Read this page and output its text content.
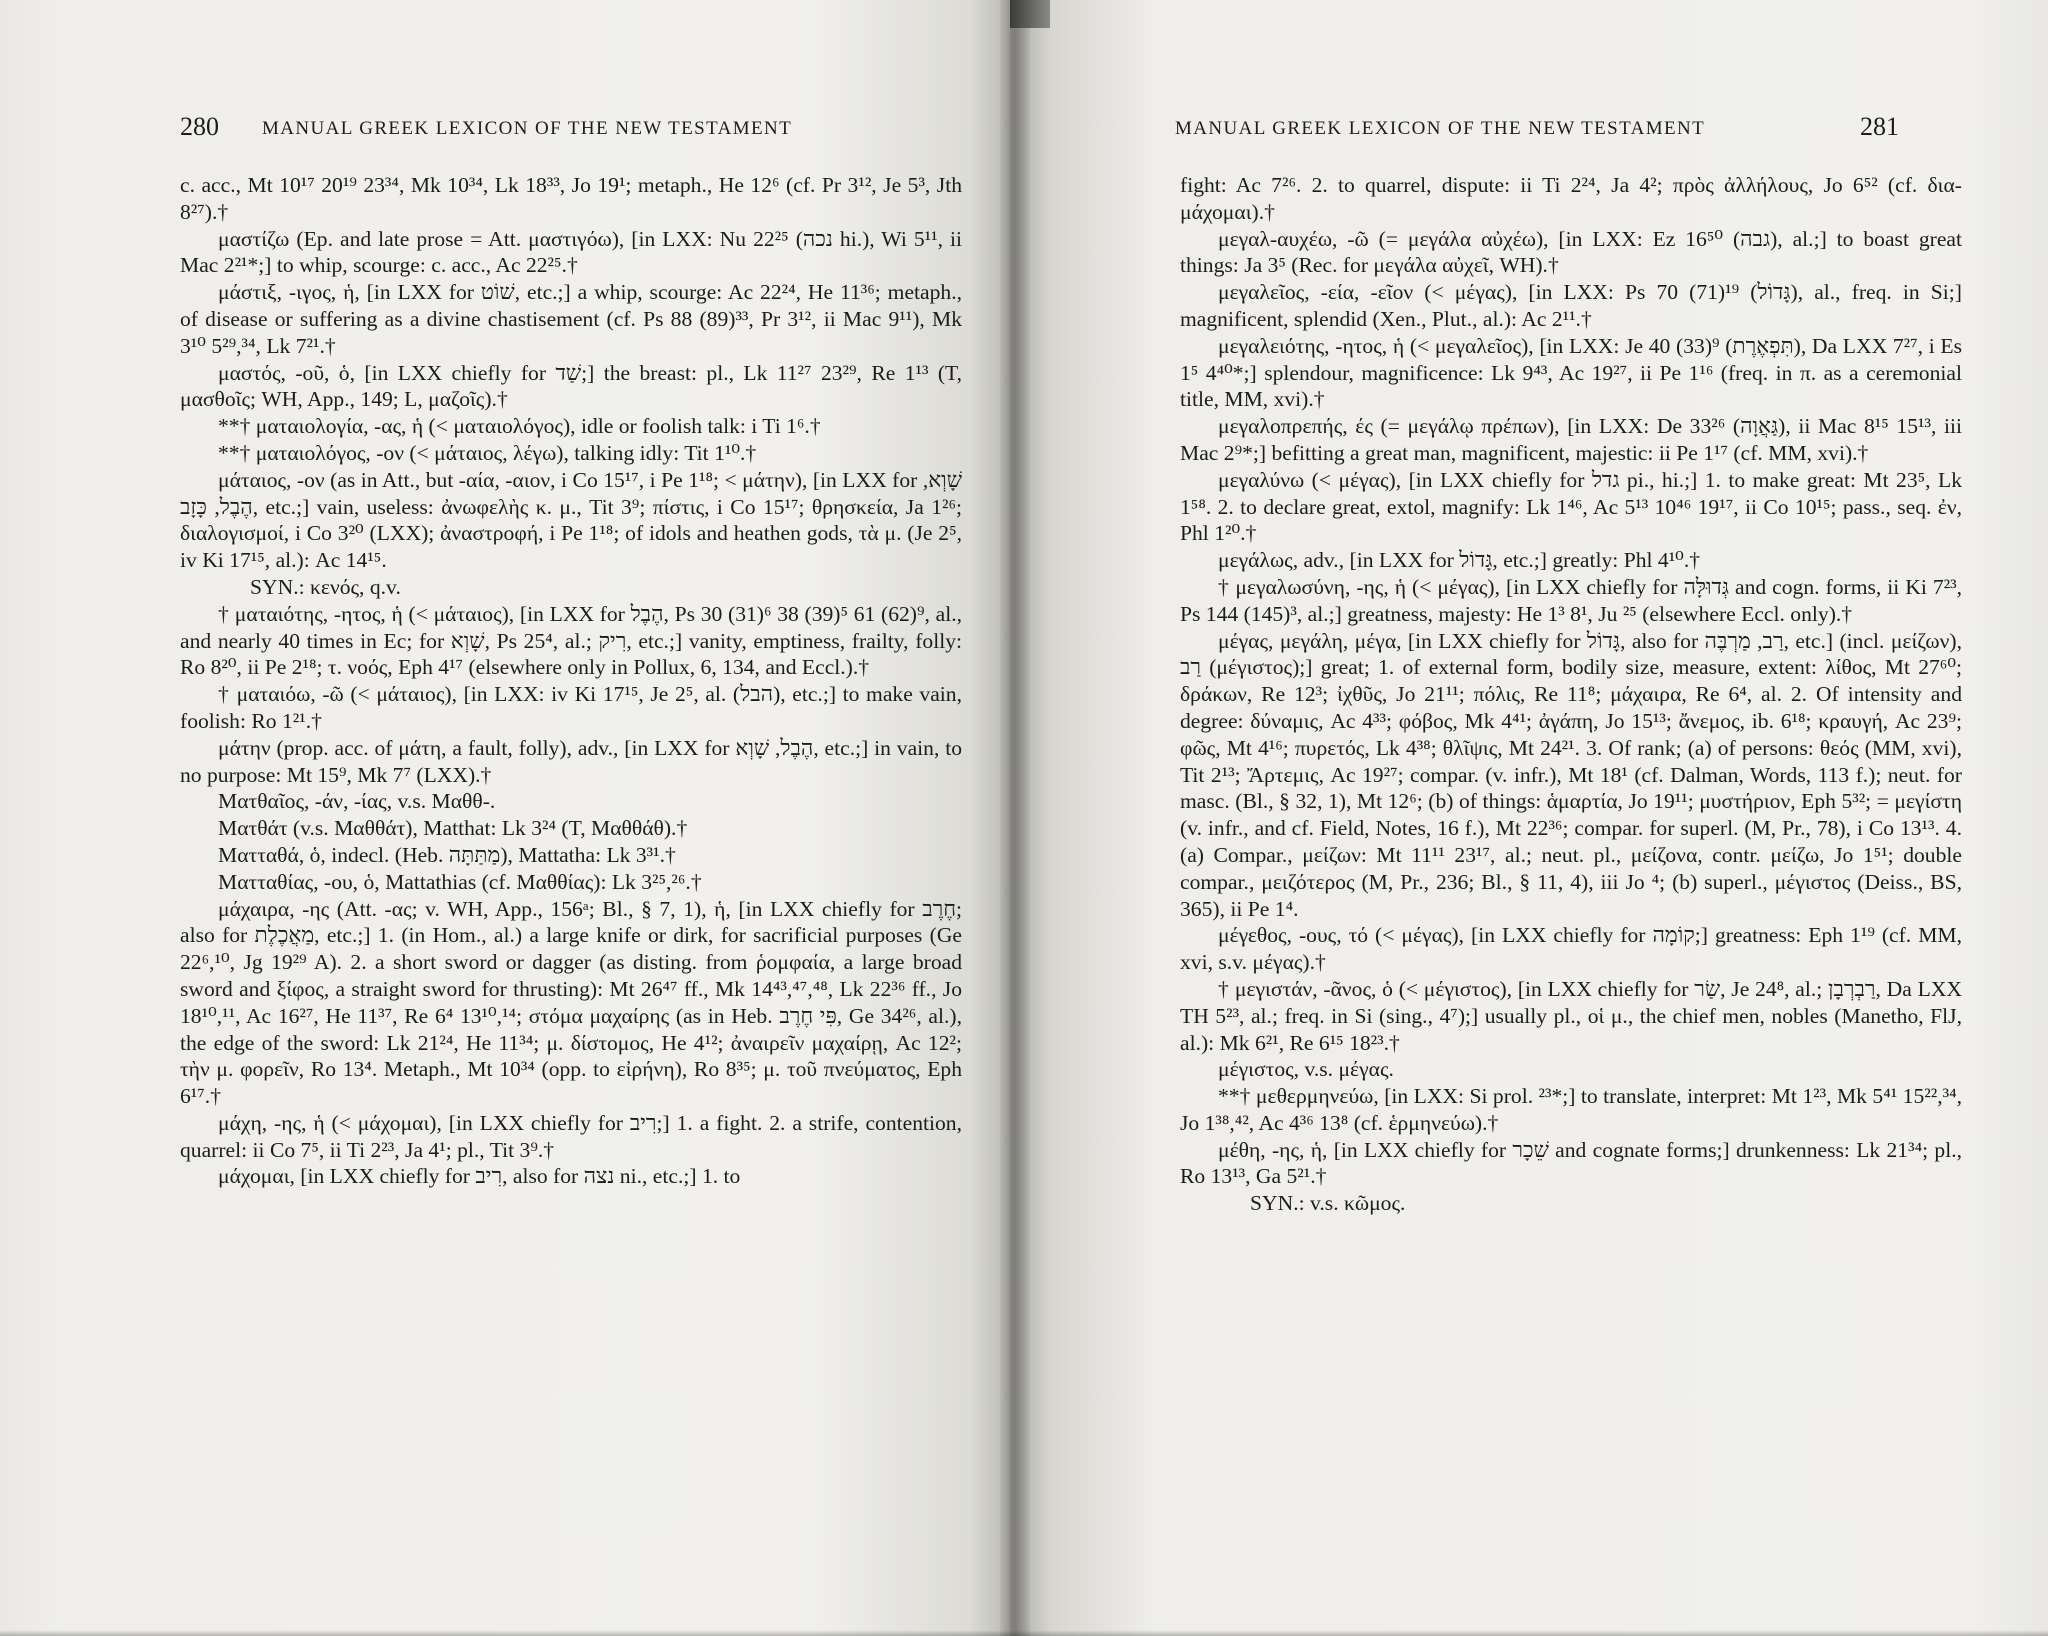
280 MANUAL GREEK LEXICON OF THE NEW TESTAMENT

c. acc., Mt 10¹⁷ 20¹⁹ 23³⁴, Mk 10³⁴, Lk 18³³, Jo 19¹; metaph., He 12⁶ (cf. Pr 3¹², Je 5³, Jth 8²⁷).†

μαστίζω (Ep. and late prose = Att. μαστιγόω), [in LXX: Nu 22²⁵ (נכה hi.), Wi 5¹¹, ii Mac 2²¹*;] to whip, scourge: c. acc., Ac 22²⁵.†

μάστιξ, -ιγος, ἡ, [in LXX for שׁוֹט, etc.;] a whip, scourge: Ac 22²⁴, He 11³⁶; metaph., of disease or suffering as a divine chastisement (cf. Ps 88 (89)³³, Pr 3¹², ii Mac 9¹¹), Mk 3¹⁰ 5²⁹,³⁴, Lk 7²¹.†

μαστός, -οῦ, ὁ, [in LXX chiefly for שַׁד;] the breast: pl., Lk 11²⁷ 23²⁹, Re 1¹³ (T, μασθοῖς; WH, App., 149; L, μαζοῖς).†

**† ματαιολογία, -ας, ἡ (< ματαιολόγος), idle or foolish talk: i Ti 1⁶.†

**† ματαιολόγος, -ον (< μάταιος, λέγω), talking idly: Tit 1¹⁰.†

μάταιος, -ον (as in Att., but -αία, -αιον, i Co 15¹⁷, i Pe 1¹⁸; < μάτην), [in LXX for שָׁוְא, הֶבֶל, כָּזָב, etc.;] vain, useless: ἀνωφελὴς κ. μ., Tit 3⁹; πίστις, i Co 15¹⁷; θρησκεία, Ja 1²⁶; διαλογισμοί, i Co 3²⁰ (LXX); ἀναστροφή, i Pe 1¹⁸; of idols and heathen gods, τὰ μ. (Je 2⁵, iv Ki 17¹⁵, al.): Ac 14¹⁵.

SYN.: κενός, q.v.

† ματαιότης, -ητος, ἡ (< μάταιος), [in LXX for הֶבֶל, Ps 30 (31)⁶ 38 (39)⁵ 61 (62)⁹, al., and nearly 40 times in Ec; for שָׁוְא, Ps 25⁴, al.; רִיק, etc.;] vanity, emptiness, frailty, folly: Ro 8²⁰, ii Pe 2¹⁸; τ. νοός, Eph 4¹⁷ (elsewhere only in Pollux, 6, 134, and Eccl.).†

† ματαιόω, -ῶ (< μάταιος), [in LXX: iv Ki 17¹⁵, Je 2⁵, al. (הבל), etc.;] to make vain, foolish: Ro 1²¹.†

μάτην (prop. acc. of μάτη, a fault, folly), adv., [in LXX for הֶבֶל, שָׁוְא, etc.;] in vain, to no purpose: Mt 15⁹, Mk 7⁷ (LXX).†

Ματθαῖος, -άν, -ίας, v.s. Μαθθ-.

Ματθάτ (v.s. Μαθθάτ), Matthat: Lk 3²⁴ (T, Μαθθάθ).†

Ματταθά, ὁ, indecl. (Heb. מַתַּתָּה), Mattatha: Lk 3³¹.†

Ματταθίας, -ου, ὁ, Mattathias (cf. Μαθθίας): Lk 3²⁵,²⁶.†

μάχαιρα, -ης (Att. -ας; v. WH, App., 156ᵃ; Bl., § 7, 1), ἡ, [in LXX chiefly for חֶרֶב; also for מַאֲכֶלֶת, etc.;] 1. (in Hom., al.) a large knife or dirk, for sacrificial purposes (Ge 22⁶,¹⁰, Jg 19²⁹ A). 2. a short sword or dagger (as disting. from ῥομφαία, a large broad sword and ξίφος, a straight sword for thrusting): Mt 26⁴⁷ ff., Mk 14⁴³,⁴⁷,⁴⁸, Lk 22³⁶ ff., Jo 18¹⁰,¹¹, Ac 16²⁷, He 11³⁷, Re 6⁴ 13¹⁰,¹⁴; στόμα μαχαίρης (as in Heb. פִּי חֶרֶב, Ge 34²⁶, al.), the edge of the sword: Lk 21²⁴, He 11³⁴; μ. δίστομος, He 4¹²; ἀναιρεῖν μαχαίρῃ, Ac 12²; τὴν μ. φορεῖν, Ro 13⁴. Metaph., Mt 10³⁴ (opp. to εἰρήνη), Ro 8³⁵; μ. τοῦ πνεύματος, Eph 6¹⁷.†

μάχη, -ης, ἡ (< μάχομαι), [in LXX chiefly for רִיב;] 1. a fight. 2. a strife, contention, quarrel: ii Co 7⁵, ii Ti 2²³, Ja 4¹; pl., Tit 3⁹.†

μάχομαι, [in LXX chiefly for רִיב, also for נצה ni., etc.;] 1. to

MANUAL GREEK LEXICON OF THE NEW TESTAMENT	281

fight: Ac 7²⁶. 2. to quarrel, dispute: ii Ti 2²⁴, Ja 4²; πρὸς ἀλλήλους, Jo 6⁵² (cf. δια-μάχομαι).†

μεγαλ-αυχέω, -ῶ (= μεγάλα αὐχέω), [in LXX: Ez 16⁵⁰ (גבה), al.;] to boast great things: Ja 3⁵ (Rec. for μεγάλα αὐχεῖ, WH).†

μεγαλεῖος, -εία, -εῖον (< μέγας), [in LXX: Ps 70 (71)¹⁹ (גָּדוֹל), al., freq. in Si;] magnificent, splendid (Xen., Plut., al.): Ac 2¹¹.†

μεγαλειότης, -ητος, ἡ (< μεγαλεῖος), [in LXX: Je 40 (33)⁹ (תִּפְאֶרֶת), Da LXX 7²⁷, i Es 1⁵ 4⁴⁰*;] splendour, magnificence: Lk 9⁴³, Ac 19²⁷, ii Pe 1¹⁶ (freq. in π. as a ceremonial title, MM, xvi).†

μεγαλοπρεπής, ές (= μεγάλῳ πρέπων), [in LXX: De 33²⁶ (גַּאֲוָה), ii Mac 8¹⁵ 15¹³, iii Mac 2⁹*;] befitting a great man, magnificent, majestic: ii Pe 1¹⁷ (cf. MM, xvi).†

μεγαλύνω (< μέγας), [in LXX chiefly for גדל pi., hi.;] 1. to make great: Mt 23⁵, Lk 1⁵⁸. 2. to declare great, extol, magnify: Lk 1⁴⁶, Ac 5¹³ 10⁴⁶ 19¹⁷, ii Co 10¹⁵; pass., seq. ἐν, Phl 1²⁰.†

μεγάλως, adv., [in LXX for גָּדוֹל, etc.;] greatly: Phl 4¹⁰.†

† μεγαλωσύνη, -ης, ἡ (< μέγας), [in LXX chiefly for גְּדוּלָּה and cogn. forms, ii Ki 7²³, Ps 144 (145)³, al.;] greatness, majesty: He 1³ 8¹, Ju ²⁵ (elsewhere Eccl. only).†

μέγας, μεγάλη, μέγα, [in LXX chiefly for גָּדוֹל, also for רַב, מַרְבֶּה, etc.] (incl. μείζων), רַב (μέγιστος);] great; 1. of external form, bodily size, measure, extent: λίθος, Mt 27⁶⁰; δράκων, Re 12³; ἰχθῦς, Jo 21¹¹; πόλις, Re 11⁸; μάχαιρα, Re 6⁴, al. 2. Of intensity and degree: δύναμις, Ac 4³³; φόβος, Mk 4⁴¹; ἀγάπη, Jo 15¹³; ἄνεμος, ib. 6¹⁸; κραυγή, Ac 23⁹; φῶς, Mt 4¹⁶; πυρετός, Lk 4³⁸; θλῖψις, Mt 24²¹. 3. Of rank; (a) of persons: θεός (MM, xvi), Tit 2¹³; Ἄρτεμις, Ac 19²⁷; compar. (v. infr.), Mt 18¹ (cf. Dalman, Words, 113 f.); neut. for masc. (Bl., § 32, 1), Mt 12⁶; (b) of things: ἁμαρτία, Jo 19¹¹; μυστήριον, Eph 5³²; = μεγίστη (v. infr., and cf. Field, Notes, 16 f.), Mt 22³⁶; compar. for superl. (M, Pr., 78), i Co 13¹³. 4. (a) Compar., μείζων: Mt 11¹¹ 23¹⁷, al.; neut. pl., μείζονα, contr. μείζω, Jo 1⁵¹; double compar., μειζότερος (M, Pr., 236; Bl., § 11, 4), iii Jo ⁴; (b) superl., μέγιστος (Deiss., BS, 365), ii Pe 1⁴.

μέγεθος, -ους, τό (< μέγας), [in LXX chiefly for קוֹמָה;] greatness: Eph 1¹⁹ (cf. MM, xvi, s.v. μέγας).†

† μεγιστάν, -ᾶνος, ὁ (< μέγιστος), [in LXX chiefly for שַׂר, Je 24⁸, al.; רַבְרְבָן, Da LXX TH 5²³, al.; freq. in Si (sing., 4⁷);] usually pl., οἱ μ., the chief men, nobles (Manetho, FlJ, al.): Mk 6²¹, Re 6¹⁵ 18²³.†

μέγιστος, v.s. μέγας.

**† μεθερμηνεύω, [in LXX: Si prol. ²³*;] to translate, interpret: Mt 1²³, Mk 5⁴¹ 15²²,³⁴, Jo 1³⁸,⁴², Ac 4³⁶ 13⁸ (cf. ἑρμηνεύω).†

μέθη, -ης, ἡ, [in LXX chiefly for שֵׁכָר and cognate forms;] drunkenness: Lk 21³⁴; pl., Ro 13¹³, Ga 5²¹.†

SYN.: v.s. κῶμος.
